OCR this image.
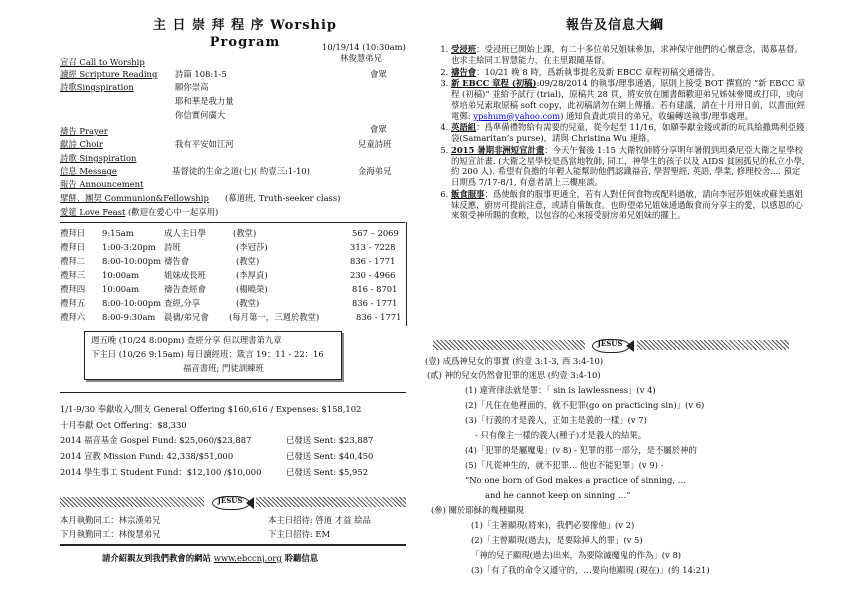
主 日 崇 拜 程 序 Worship Program	10/19/14 (10:30am)
林俊慧弟兄
宣召 Call to Worship
讀經 Scripture Reading 詩篇 108:1-5	會眾
詩歌Singspiration	願你崇高
耶和華是我力量
你信實何廣大
禱告 Prayer	會眾
獻詩 Choir	我有平安如江河	兒童詩班
詩歌 Singspiration
信息 Message	基督徒的生命之道(七)( 約壹三:1-10)	金海弟兄
報告 Announcement
擘餅、團契 Communion&Fellowship (慕道班, Truth-seeker class)
愛筵 Love Feast (歡迎在愛心中一起享用)
禮拜日 9:15am	成人主日學	(教堂)	567 – 2069
禮拜日 1:00-3:20pm 詩班	(李冠莎)	313 - 7228
禮拜二 8:00-10:00pm 禱告會	(教堂)	836 - 1771
禮拜三 10:00am	姐妹成長班	(李厚貞)	230 - 4966
禮拜四 10:00am	禱告查經會	(楊曉榮)	816 - 8701
禮拜五 8:00-10:00pm 查經,分享	(教堂)	836 - 1771
禮拜六 8:00-9:30am 晨禱/弟兄會 (每月第一，三週於教堂)	836 - 1771
週五晚 (10/24 8:00pm) 查經分享 但以理書第九章
下主日 (10/26 9:15am) 每日讀經班：箴言 19：11 - 22：16
福音書班; 門徒訓練班
1/1-9/30 奉獻收入/開支 General Offering $160,616 / Expenses: $158,102
十月奉獻 Oct Offering：$8,330
2014 福音基金 Gospel Fund: $25,060/$23,887	已發送 Sent: $23,887
2014 宣教 Mission Fund: 42,338/$51,000	已發送 Sent: $40,450
2014 學生事工 Student Fund：$12,100 /$10,000	已發送 Sent: $5,952
JESUS
本月執勤同工：林宗漢弟兄	本主日招待: 啓道 才益 絵品
下月執勤同工：林俊慧弟兄	下主日招待: EM
請介紹親友到我們教會的網站 www.ebccnj.org 聆聽信息
報告及信息大綱
1. 受浸班：受浸班已開始上課，有二十多位弟兄姐妹參加，求神保守他們的心懷意念，渴慕基督。也求主給同工智慧能力，在主里跟隨基督。
2. 禱告會：10/21 晚 8 時，爲新執事提名及新 EBCC 章程初稿交通禱告。
3. 新 EBCC 章程 (初稿):09/28/2014 的執事/理事通過，原則上接受 BOT 撰寫的 “新 EBCC 章程 (初稿)” 並給予試行 (trial)，原稿共 28 頁，將安放在圖書館歡迎弟兄姊妹參閱或打印，或向蔡培弟兄索取原稿 soft copy，此初稿請勿在網上傳播。若有建議，請在十月卅日前，以書面(經電郵: ypshum@yahoo.com) 通知負責此項目的弟兄，收編轉送執事/理事處理。
4. 英語組：爲準備禮物給有需要的兒童，從今起至 11/16，如願奉獻金錢或新的玩具給撒瑪利亞錢袋(Samaritan’s purse)，請與 Christina Wu 連絡。
5. 2015 暑期非洲短宣計畫：今天午餐後 1:15 大衛牧師將分享明年暑假到坦桑尼亞大衛之星學校的短宣計畫. (大衛之星學校是爲當地牧師, 同工，神學生的孩子以及 AIDS 貧困孤兒的私立小學, 約 200 人). 希望有負擔的年輕人能幫助他們認識福音, 學習聖經, 英語, 學業, 修理校舍.... 預定日期爲 7/17-8/1, 有意者請上三樓座談。
6. 飯食服事：爲使飯食的服事更通全，若有人對任何食物或配料過敏，請向李冠莎姐妹或蘇美惠姐妹反應，廚房可提前注意，或請自備飯食。也盼望弟兄姐妹通過飯食而分享主的愛，以感恩的心來領受神所賜的食粮，以包容的心來接受厨房弟兄姐妹的擺上。
JESUS
(壹) 成爲神兒女的事實 (約壹 3:1-3, 西 3:4-10)
(貳) 神的兒女仍然會犯罪的迷思 (約壹 3:4-10)
(1) 違背律法就是罪：「 sin is lawlessness」(v 4)
(2)「凡住在他裡面的，就不犯罪(go on practicing sin)」(v 6)
(3)「行義的才是義人，正如主是義的一樣」(v 7)
- 只有像主一樣的義人(種子)才是義人的結果。
(4)「犯罪的是屬魔鬼」(v 8) - 犯罪的那一部分，是不屬於神的
(5)「凡從神生的，就不犯罪… 他也不能犯罪」(v 9) -
“No one born of God makes a practice of sinning, …
and he cannot keep on sinning …”
(參) 關於耶穌的幾種顯現
(1)「主著顯現(將來)，我們必要像他」(v 2)
(2)「主曾顯現(過去)，是要除掉人的罪」(v 5)
「神的兒子顯現(過去)出來，為要除滅魔鬼的作為」(v 8)
(3)「有了我的命令又遵守的，…要向他顯現 (現在)」(約 14:21)
